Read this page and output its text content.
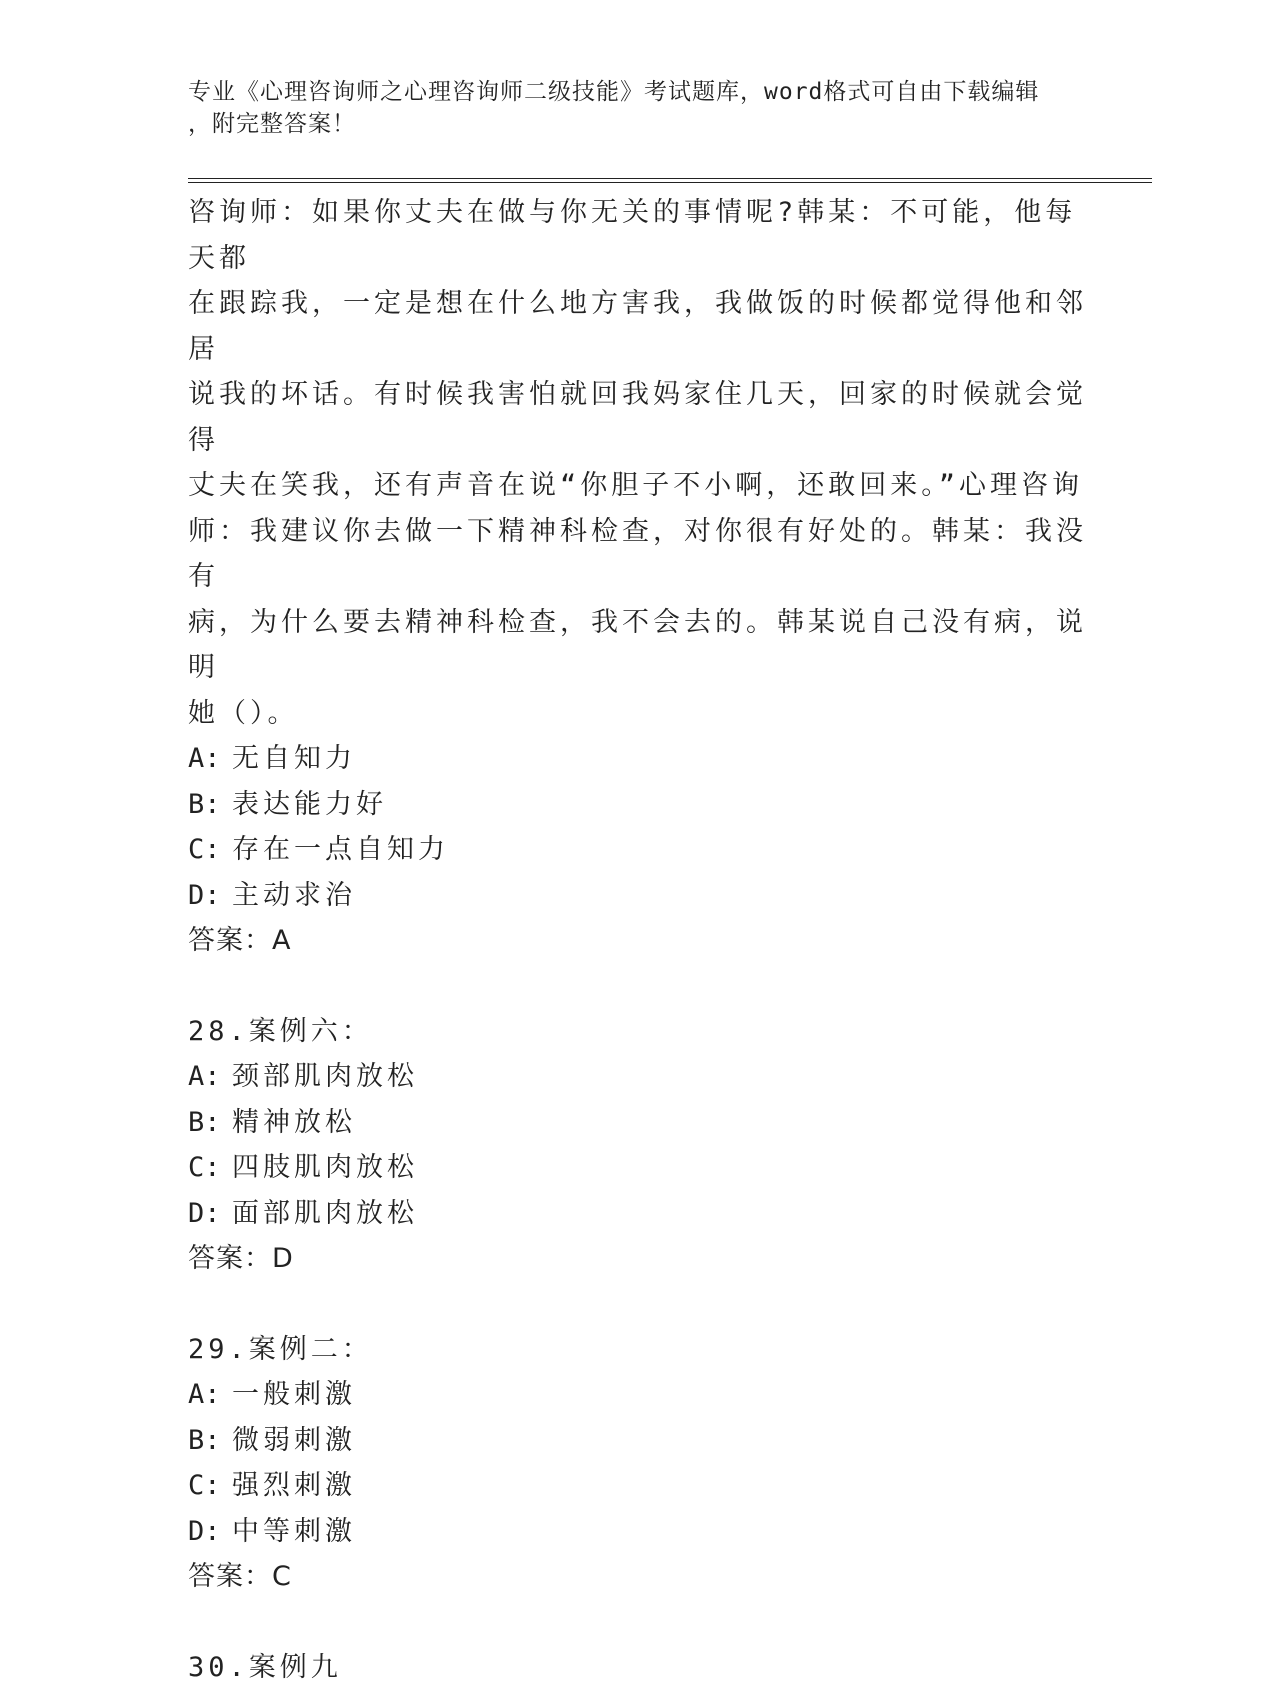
专业《心理咨询师之心理咨询师二级技能》考试题库，word格式可自由下载编辑
，附完整答案！
咨询师：如果你丈夫在做与你无关的事情呢?韩某：不可能，他每天都
在跟踪我，一定是想在什么地方害我，我做饭的时候都觉得他和邻居
说我的坏话。有时候我害怕就回我妈家住几天，回家的时候就会觉得
丈夫在笑我，还有声音在说“你胆子不小啊，还敢回来。”心理咨询
师：我建议你去做一下精神科检查，对你很有好处的。韩某：我没有
病，为什么要去精神科检查，我不会去的。韩某说自己没有病，说明
她（）。
A: 无自知力
B: 表达能力好
C: 存在一点自知力
D: 主动求治
答案：A
28.案例六：
A: 颈部肌肉放松
B: 精神放松
C: 四肢肌肉放松
D: 面部肌肉放松
答案：D
29.案例二：
A: 一般刺激
B: 微弱刺激
C: 强烈刺激
D: 中等刺激
答案：C
30.案例九
